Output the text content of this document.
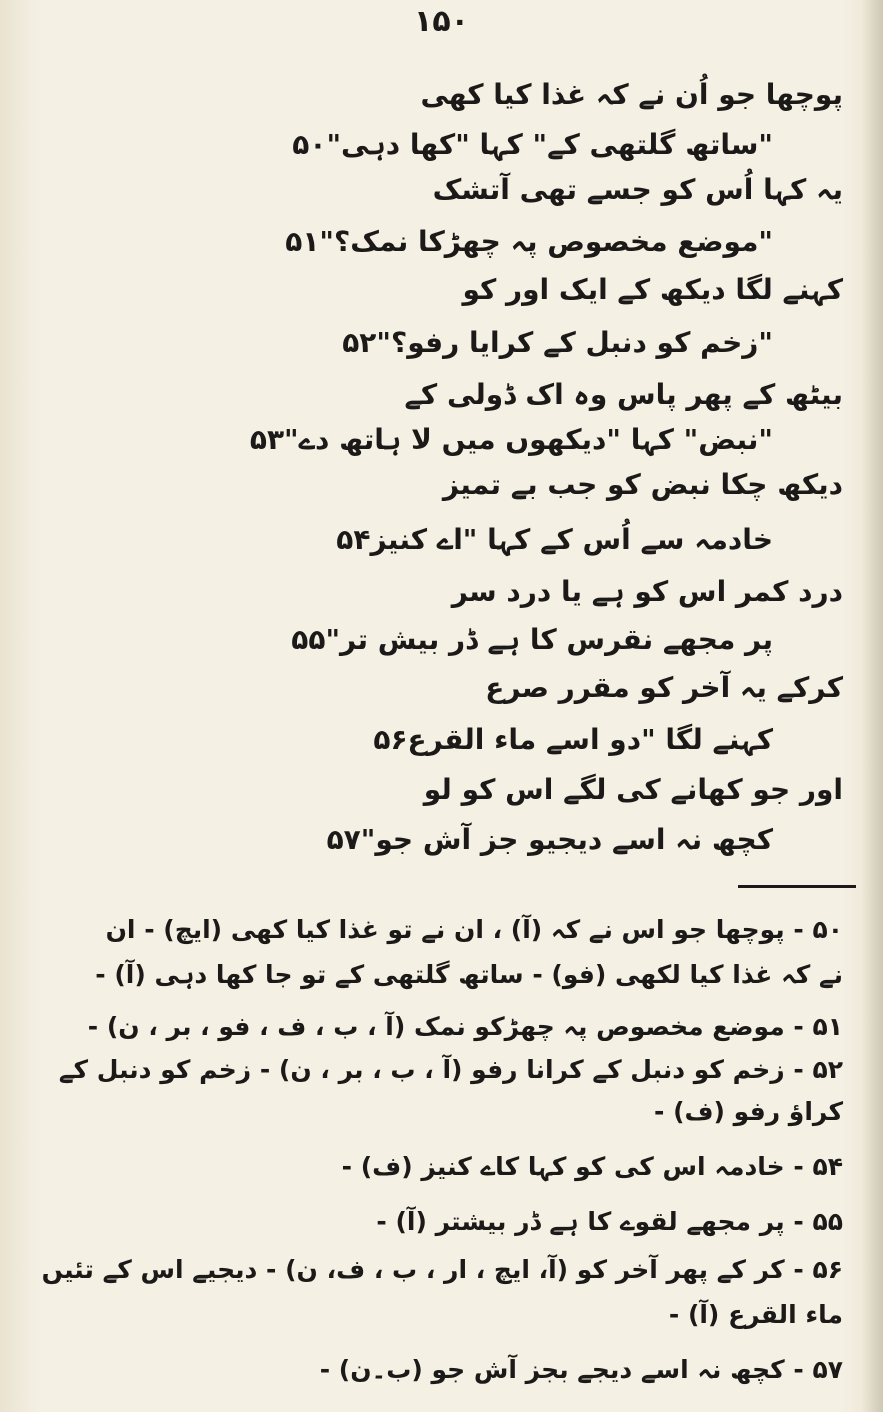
۱۵۰
پوچھا جو اُن نے کہ غذا کیا کھی
"ساتھ گلتھی کے" کہا "کھا دہی"۵۰
یہ کہا اُس کو جسے تھی آتشک
"موضع مخصوص پہ چھڑکا نمک؟"۵۱
کہنے لگا دیکھ کے ایک اور کو
"زخم کو دنبل کے کرایا رفو؟"۵۲
بیٹھ کے پھر پاس وہ اک ڈولی کے
"نبض" کہا "دیکھوں میں لا ہاتھ دے"۵۳
دیکھ چکا نبض کو جب بے تمیز
خادمہ سے اُس کے کہا "اے کنیز۵۴
درد کمر اس کو ہے یا درد سر
پر مجھے نقرس کا ہے ڈر بیش تر"۵۵
کرکے یہ آخر کو مقرر صرع
کہنے لگا "دو اسے ماء القرع۵۶
اور جو کھانے کی لگے اس کو لو
کچھ نہ اسے دیجیو جز آش جو"۵۷
۵۰ - پوچھا جو اس نے کہ (آ) ، ان نے تو غذا کیا کھی (ایچ) - ان
نے کہ غذا کیا لکھی (فو) - ساتھ گلتھی کے تو جا کھا دہی (آ) -
۵۱ - موضع مخصوص پہ چھڑکو نمک (آ ، ب ، ف ، فو ، بر ، ن) -
۵۲ - زخم کو دنبل کے کرانا رفو (آ ، ب ، بر ، ن) - زخم کو دنبل کے
کراؤ رفو (ف) -
۵۴ - خادمہ اس کی کو کہا کاے کنیز (ف) -
۵۵ - پر مجھے لقوے کا ہے ڈر بیشتر (آ) -
۵۶ - کر کے پھر آخر کو (آ، ایچ ، ار ، ب ، ف، ن) - دیجیے اس کے تئیں
ماء القرع (آ) -
۵۷ - کچھ نہ اسے دیجے بجز آش جو (ب۔ن) -
